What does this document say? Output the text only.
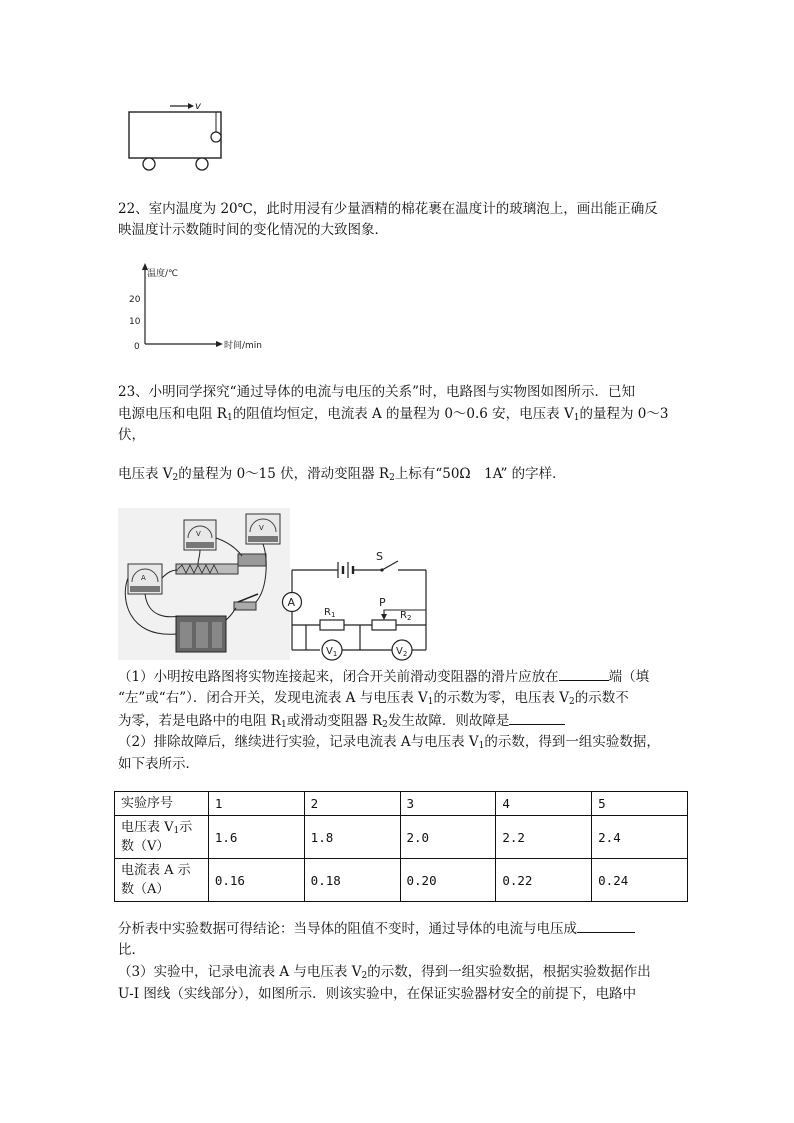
v
22、室内温度为 20℃，此时用浸有少量酒精的棉花裹在温度计的玻璃泡上，画出能正确反
映温度计示数随时间的变化情况的大致图象．
温度/℃
时间/min
20
10
0
23、小明同学探究“通过导体的电流与电压的关系”时，电路图与实物图如图所示．已知
电源电压和电阻 $R_1$的阻值均恒定，电流表 A 的量程为 0～0.6 安，电压表 $V_1$的量程为 0～3
伏，
电压表 $V_2$的量程为 0～15 伏，滑动变阻器 $R_2$上标有“50Ω　1A” 的字样．
A
V
V
S
A
$R_1$	$R_2$
P
$V_1$	$V_2$
（1）小明按电路图将实物连接起来，闭合开关前滑动变阻器的滑片应放在	端（填
“左”或“右”）．闭合开关，发现电流表 A 与电压表 $V_1$的示数为零，电压表 $V_2$的示数不
为零，若是电路中的电阻 $R_1$或滑动变阻器 $R_2$发生故障．则故障是
（2）排除故障后，继续进行实验，记录电流表 A与电压表 $V_1$的示数，得到一组实验数据，
如下表所示．
实验序号	1	2	3	4	5
电压表 $V_1$示
数（V）	1.6	1.8	2.0	2.2	2.4
电流表 A 示
数（A）	0.16	0.18	0.20	0.22	0.24
分析表中实验数据可得结论：当导体的阻值不变时，通过导体的电流与电压成
比．
（3）实验中，记录电流表 A 与电压表 $V_2$的示数，得到一组实验数据，根据实验数据作出
U-I 图线（实线部分），如图所示．则该实验中，在保证实验器材安全的前提下，电路中
